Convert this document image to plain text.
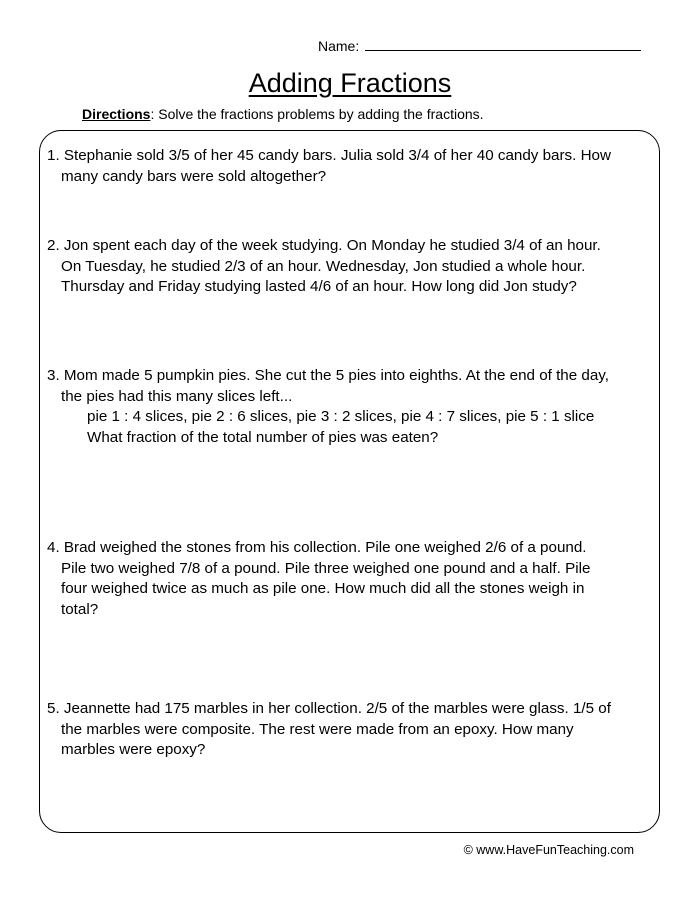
Name:
Adding Fractions
Directions: Solve the fractions problems by adding the fractions.

1. Stephanie sold 3/5 of her 45 candy bars. Julia sold 3/4 of her 40 candy bars. How

many candy bars were sold altogether?

2. Jon spent each day of the week studying. On Monday he studied 3/4 of an hour.

On Tuesday, he studied 2/3 of an hour. Wednesday, Jon studied a whole hour.

Thursday and Friday studying lasted 4/6 of an hour. How long did Jon study?

3. Mom made 5 pumpkin pies. She cut the 5 pies into eighths. At the end of the day,

the pies had this many slices left...

pie 1 : 4 slices, pie 2 : 6 slices, pie 3 : 2 slices, pie 4 : 7 slices, pie 5 : 1 slice

What fraction of the total number of pies was eaten?

4. Brad weighed the stones from his collection. Pile one weighed 2/6 of a pound.

Pile two weighed 7/8 of a pound. Pile three weighed one pound and a half. Pile

four weighed twice as much as pile one. How much did all the stones weigh in

total?

5. Jeannette had 175 marbles in her collection. 2/5 of the marbles were glass. 1/5 of

the marbles were composite. The rest were made from an epoxy. How many

marbles were epoxy?

© www.HaveFunTeaching.com
